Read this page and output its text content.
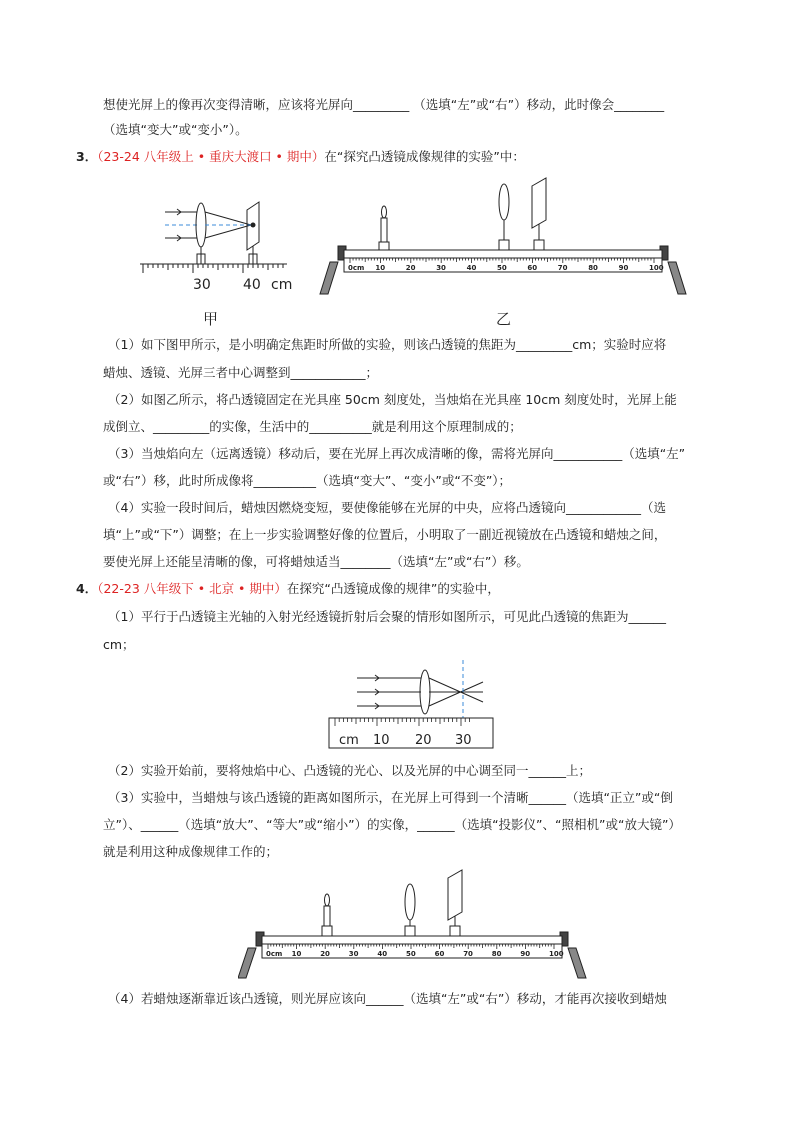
想使光屏上的像再次变得清晰，应该将光屏向_________ （选填“左”或“右”）移动，此时像会________
（选填“变大”或“变小”）。
3．（23-24 八年级上 • 重庆大渡口 • 期中）在“探究凸透镜成像规律的实验”中：
30 40 cm
甲
0cm 10	20	30	40	50	60	70	80	90	100
乙
（1）如下图甲所示，是小明确定焦距时所做的实验，则该凸透镜的焦距为_________cm；实验时应将
蜡烛、透镜、光屏三者中心调整到____________；
（2）如图乙所示，将凸透镜固定在光具座 50cm 刻度处，当烛焰在光具座 10cm 刻度处时，光屏上能
成倒立、_________的实像，生活中的__________就是利用这个原理制成的；
（3）当烛焰向左（远离透镜）移动后，要在光屏上再次成清晰的像，需将光屏向___________（选填“左”
或“右”）移，此时所成像将__________（选填“变大”、“变小”或“不变”）；
（4）实验一段时间后，蜡烛因燃烧变短，要使像能够在光屏的中央，应将凸透镜向____________（选
填“上”或“下”）调整；在上一步实验调整好像的位置后，小明取了一副近视镜放在凸透镜和蜡烛之间，
要使光屏上还能呈清晰的像，可将蜡烛适当________（选填“左”或“右”）移。
4．（22-23 八年级下 • 北京 • 期中）在探究“凸透镜成像的规律”的实验中，
（1）平行于凸透镜主光轴的入射光经透镜折射后会聚的情形如图所示，可见此凸透镜的焦距为______
cm；
cm 10 20 30
（2）实验开始前，要将烛焰中心、凸透镜的光心、以及光屏的中心调至同一______上；
（3）实验中，当蜡烛与该凸透镜的距离如图所示，在光屏上可得到一个清晰______（选填“正立”或“倒
立”）、______（选填“放大”、“等大”或“缩小”）的实像，______（选填“投影仪”、“照相机”或“放大镜”）
就是利用这种成像规律工作的；
0cm 10	20	30	40	50	60	70	80	90	100
（4）若蜡烛逐渐靠近该凸透镜，则光屏应该向______（选填“左”或“右”）移动，才能再次接收到蜡烛
